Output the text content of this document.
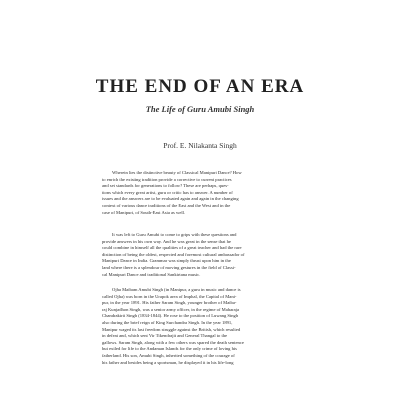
THE END OF AN ERA
The Life of Guru Amubi Singh
Prof. E. Nilakanta Singh
Wherein lies the distinctive beauty of Classical Manipuri Dance? How
to enrich the existing tradition provide a corrective to current practices
and set standards for generations to follow? These are perhaps, ques-
tions which every great artist, guru or critic has to answer. A number of
issues and the answers are to be evaluated again and again in the changing
context of various dance traditions of the East and the West and in the
case of Manipuri, of South-East Asia as well.
It was left to Guru Amubi to come to grips with these questions and
provide answers in his own way. And he was great in the sense that he
could combine in himself all the qualities of a great teacher and had the rare
distinction of being the oldest, respected and foremost cultural ambassador of
Manipuri Dance in India. Grammar was simply thrust upon him in the
land where there is a splendour of moving gestures in the field of Classi-
cal Manipuri Dance and traditional Sankirtana music.
Ojha Maibam Amubi Singh (in Manipur, a guru in music and dance is
called Ojha) was born in the Urapok area of Imphal, the Capital of Mani-
pur, in the year 1891. His father Saram Singh, younger brother of Maiba-
raj Kunjadhon Singh, was a senior army officer, in the regime of Maharaja
Chandrakirti Singh (1834-1844). He rose to the position of Luwang Singh
also during the brief reign of King Surchandra Singh. In the year 1891,
Manipur waged its last freedom struggle against the British, which resulted
in defeat and, which sent Vir Tikendrajit and General Thangal to the
gallows. Saram Singh, along with a few others was spared the death sentence
but exiled for life to the Andaman Islands for the only crime of loving his
fatherland. His son, Amubi Singh, inherited something of the courage of
his father and besides being a sportsman, he displayed it in his life-long
